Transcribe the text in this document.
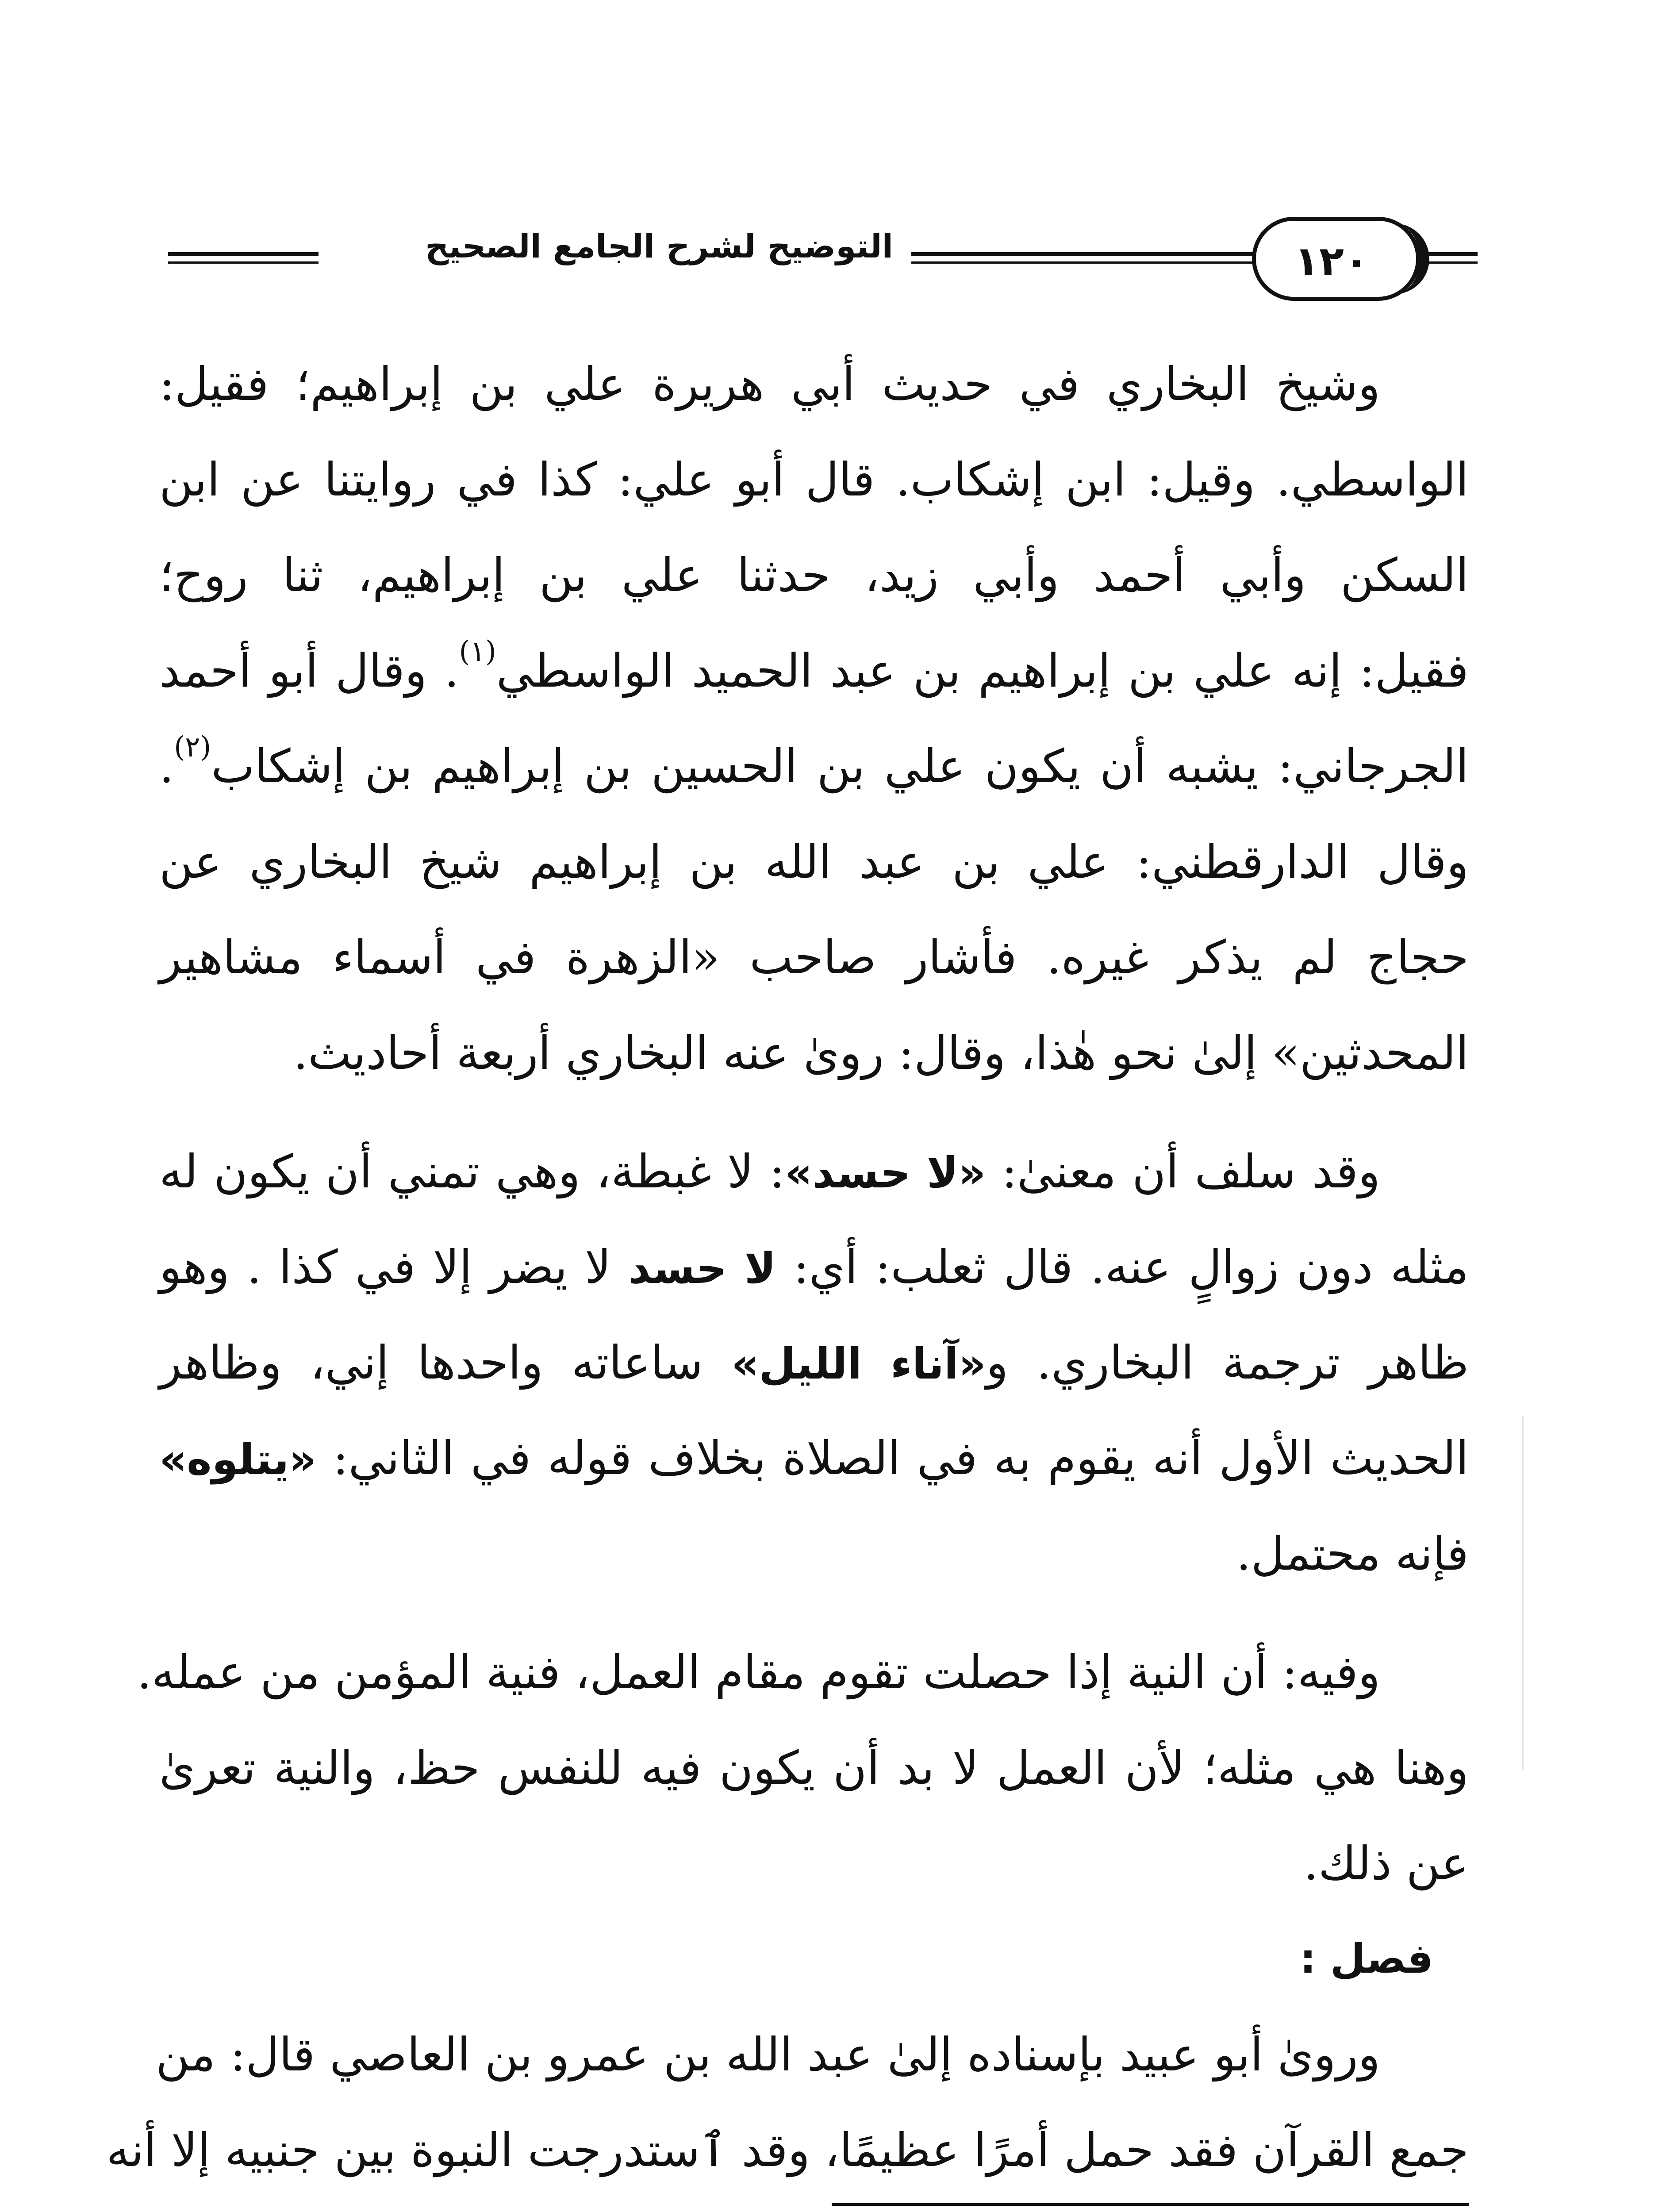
التوضيح لشرح الجامع الصحيح	١٢٠
وشيخ البخاري في حديث أبي هريرة علي بن إبراهيم؛ فقيل:
الواسطي. وقيل: ابن إشكاب. قال أبو علي: كذا في روايتنا عن ابن
السكن وأبي أحمد وأبي زيد، حدثنا علي بن إبراهيم، ثنا روح؛
فقيل: إنه علي بن إبراهيم بن عبد الحميد الواسطي$^{(١)}$. وقال أبو أحمد
الجرجاني: يشبه أن يكون علي بن الحسين بن إبراهيم بن إشكاب$^{(٢)}$.
وقال الدارقطني: علي بن عبد الله بن إبراهيم شيخ البخاري عن
حجاج لم يذكر غيره. فأشار صاحب «الزهرة في أسماء مشاهير
المحدثين» إلىٰ نحو هٰذا، وقال: رویٰ عنه البخاري أربعة أحاديث.
وقد سلف أن معنىٰ: «لا حسد»: لا غبطة، وهي تمني أن يكون له
مثله دون زوالٍ عنه. قال ثعلب: أي: لا حسد لا يضر إلا في كذا . وهو
ظاهر ترجمة البخاري. و«آناء الليل» ساعاته واحدها إني، وظاهر
الحديث الأول أنه يقوم به في الصلاة بخلاف قوله في الثاني: «يتلوه»
فإنه محتمل.
وفيه: أن النية إذا حصلت تقوم مقام العمل، فنية المؤمن من عمله.
وهنا هي مثله؛ لأن العمل لا بد أن يكون فيه للنفس حظ، والنية تعرىٰ
عن ذلك.
فصل :
ورویٰ أبو عبيد بإسناده إلىٰ عبد الله بن عمرو بن العاصي قال: من
جمع القرآن فقد حمل أمرًا عظيمًا، وقد ٱستدرجت النبوة بين جنبيه إلا أنه
